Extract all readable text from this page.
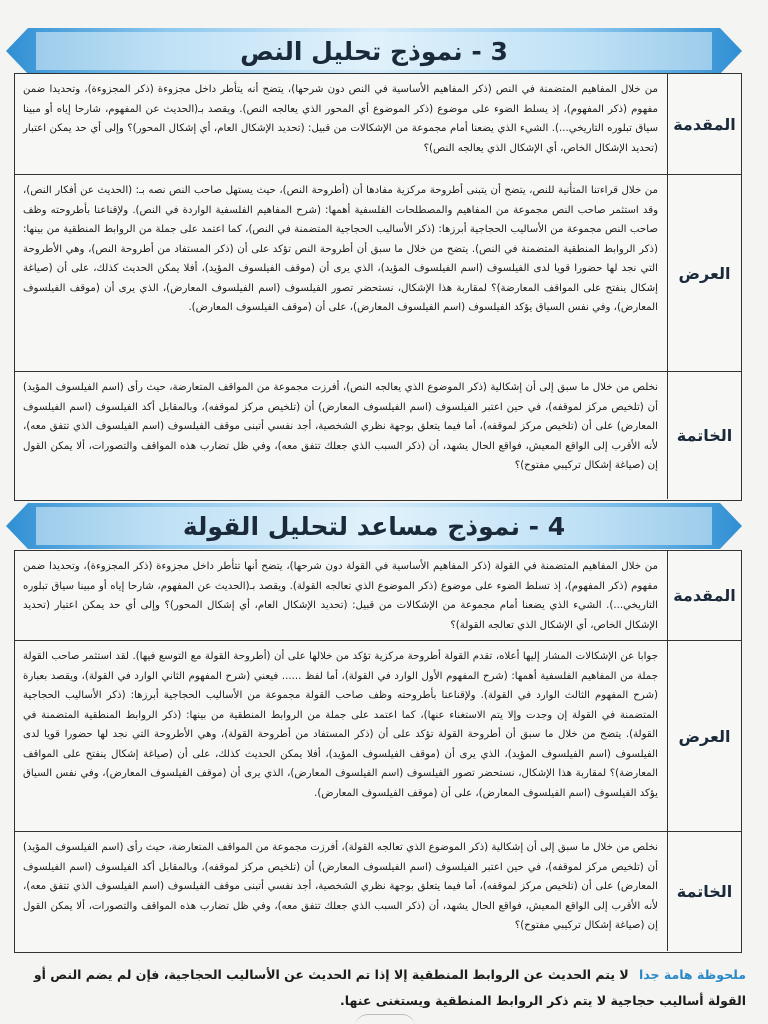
3 - نموذج تحليل النص
المقدمة
من خلال المفاهيم المتضمنة في النص (ذكر المفاهيم الأساسية في النص دون شرحها)، يتضح أنه يتأطر داخل مجزوءة (ذكر المجزوءة)، وتحديدا ضمن مفهوم (ذكر المفهوم)، إذ يسلط الضوء على موضوع (ذكر الموضوع أي المحور الذي يعالجه النص). ويقصد بـ(الحديث عن المفهوم، شارحا إياه أو مبينا سياق تبلوره التاريخي...). الشيء الذي يضعنا أمام مجموعة من الإشكالات من قبيل: (تحديد الإشكال العام، أي إشكال المحور)؟ وإلى أي حد يمكن اعتبار (تحديد الإشكال الخاص، أي الإشكال الذي يعالجه النص)؟
العرض
من خلال قراءتنا المتأنية للنص، يتضح أن يتبنى أطروحة مركزية مفادها أن (أطروحة النص)، حيث يستهل صاحب النص نصه بـ: (الحديث عن أفكار النص)، وقد استثمر صاحب النص مجموعة من المفاهيم والمصطلحات الفلسفية أهمها: (شرح المفاهيم الفلسفية الواردة في النص). ولإقناعنا بأطروحته وظف صاحب النص مجموعة من الأساليب الحجاجية أبرزها: (ذكر الأساليب الحجاجية المتضمنة في النص)، كما اعتمد على جملة من الروابط المنطقية من بينها: (ذكر الروابط المنطقية المتضمنة في النص). يتضح من خلال ما سبق أن أطروحة النص تؤكد على أن (ذكر المستفاد من أطروحة النص)، وهي الأطروحة التي نجد لها حضورا قويا لدى الفيلسوف (اسم الفيلسوف المؤيد)، الذي يرى أن (موقف الفيلسوف المؤيد)، أفلا يمكن الحديث كذلك، على أن (صياغة إشكال ينفتح على المواقف المعارضة)؟ لمقاربة هذا الإشكال، نستحضر تصور الفيلسوف (اسم الفيلسوف المعارض)، الذي يرى أن (موقف الفيلسوف المعارض)، وفي نفس السياق يؤكد الفيلسوف (اسم الفيلسوف المعارض)، على أن (موقف الفيلسوف المعارض).
الخاتمة
نخلص من خلال ما سبق إلى أن إشكالية (ذكر الموضوع الذي يعالجه النص)، أفرزت مجموعة من المواقف المتعارضة، حيث رأى (اسم الفيلسوف المؤيد) أن (تلخيص مركز لموقفه)، في حين اعتبر الفيلسوف (اسم الفيلسوف المعارض) أن (تلخيص مركز لموقفه)، وبالمقابل أكد الفيلسوف (اسم الفيلسوف المعارض) على أن (تلخيص مركز لموقفه)، أما فيما يتعلق بوجهة نظري الشخصية، أجد نفسي أتبنى موقف الفيلسوف (اسم الفيلسوف الذي تتفق معه)، لأنه الأقرب إلى الواقع المعيش، فواقع الحال يشهد، أن (ذكر السبب الذي جعلك تتفق معه)، وفي ظل تضارب هذه المواقف والتصورات، ألا يمكن القول إن (صياغة إشكال تركيبي مفتوح)؟
4 - نموذج مساعد لتحليل القولة
المقدمة
من خلال المفاهيم المتضمنة في القولة (ذكر المفاهيم الأساسية في القولة دون شرحها)، يتضح أنها تتأطر داخل مجزوءة (ذكر المجزوءة)، وتحديدا ضمن مفهوم (ذكر المفهوم)، إذ تسلط الضوء على موضوع (ذكر الموضوع الذي تعالجه القولة). ويقصد بـ(الحديث عن المفهوم، شارحا إياه أو مبينا سياق تبلوره التاريخي...). الشيء الذي يضعنا أمام مجموعة من الإشكالات من قبيل: (تحديد الإشكال العام، أي إشكال المحور)؟ وإلى أي حد يمكن اعتبار (تحديد الإشكال الخاص، أي الإشكال الذي تعالجه القولة)؟
العرض
جوابا عن الإشكالات المشار إليها أعلاه، تقدم القولة أطروحة مركزية تؤكد من خلالها على أن (أطروحة القولة مع التوسع فيها). لقد استثمر صاحب القولة جملة من المفاهيم الفلسفية أهمها: (شرح المفهوم الأول الوارد في القولة)، أما لفظ ...... فيعني (شرح المفهوم الثاني الوارد في القولة)، ويقصد بعبارة (شرح المفهوم الثالث الوارد في القولة). ولإقناعنا بأطروحته وظف صاحب القولة مجموعة من الأساليب الحجاجية أبرزها: (ذكر الأساليب الحجاجية المتضمنة في القولة إن وجدت وإلا يتم الاستغناء عنها)، كما اعتمد على جملة من الروابط المنطقية من بينها: (ذكر الروابط المنطقية المتضمنة في القولة). يتضح من خلال ما سبق أن أطروحة القولة تؤكد على أن (ذكر المستفاد من أطروحة القولة)، وهي الأطروحة التي نجد لها حضورا قويا لدى الفيلسوف (اسم الفيلسوف المؤيد)، الذي يرى أن (موقف الفيلسوف المؤيد)، أفلا يمكن الحديث كذلك، على أن (صياغة إشكال ينفتح على المواقف المعارضة)؟ لمقاربة هذا الإشكال، نستحضر تصور الفيلسوف (اسم الفيلسوف المعارض)، الذي يرى أن (موقف الفيلسوف المعارض)، وفي نفس السياق يؤكد الفيلسوف (اسم الفيلسوف المعارض)، على أن (موقف الفيلسوف المعارض).
الخاتمة
نخلص من خلال ما سبق إلى أن إشكالية (ذكر الموضوع الذي تعالجه القولة)، أفرزت مجموعة من المواقف المتعارضة، حيث رأى (اسم الفيلسوف المؤيد) أن (تلخيص مركز لموقفه)، في حين اعتبر الفيلسوف (اسم الفيلسوف المعارض) أن (تلخيص مركز لموقفه)، وبالمقابل أكد الفيلسوف (اسم الفيلسوف المعارض) على أن (تلخيص مركز لموقفه)، أما فيما يتعلق بوجهة نظري الشخصية، أجد نفسي أتبنى موقف الفيلسوف (اسم الفيلسوف الذي تتفق معه)، لأنه الأقرب إلى الواقع المعيش، فواقع الحال يشهد، أن (ذكر السبب الذي جعلك تتفق معه)، وفي ظل تضارب هذه المواقف والتصورات، ألا يمكن القول إن (صياغة إشكال تركيبي مفتوح)؟
ملحوظة هامة جدا لا يتم الحديث عن الروابط المنطقية إلا إذا تم الحديث عن الأساليب الحجاجية، فإن لم يضم النص أو القولة أساليب حجاجية لا يتم ذكر الروابط المنطقية ويستغنى عنها.
